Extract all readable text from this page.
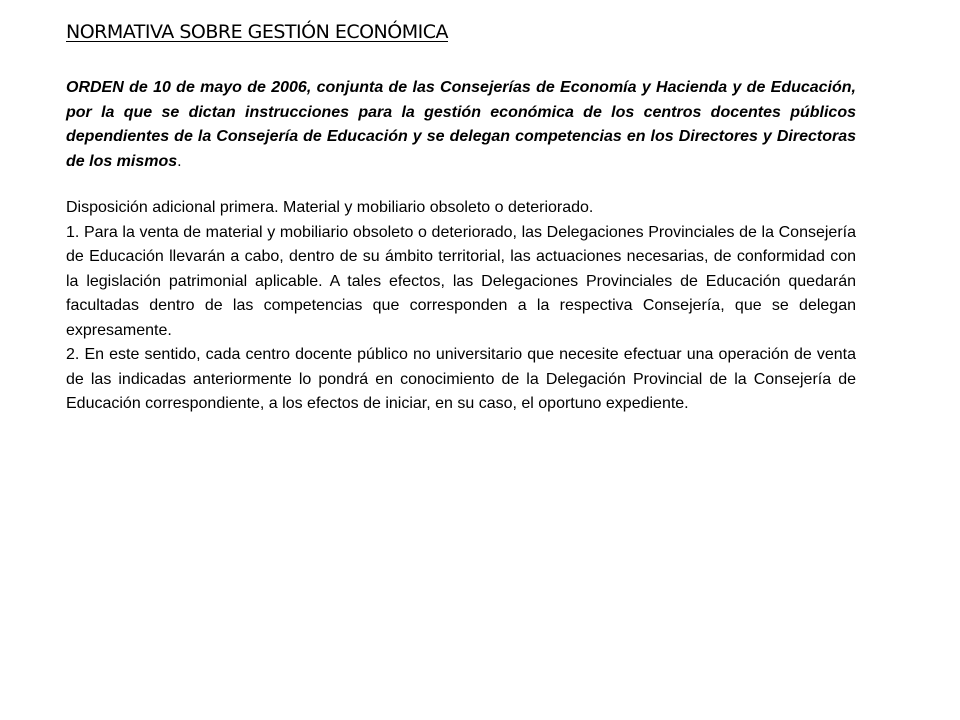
NORMATIVA SOBRE GESTIÓN ECONÓMICA

ORDEN de 10 de mayo de 2006, conjunta de las Consejerías de Economía y Hacienda y de Educación, por la que se dictan instrucciones para la gestión económica de los centros docentes públicos dependientes de la Consejería de Educación y se delegan competencias en los Directores y Directoras de los mismos.

Disposición adicional primera. Material y mobiliario obsoleto o deteriorado.

1. Para la venta de material y mobiliario obsoleto o deteriorado, las Delegaciones Provinciales de la Consejería de Educación llevarán a cabo, dentro de su ámbito territorial, las actuaciones necesarias, de conformidad con la legislación patrimonial aplicable. A tales efectos, las Delegaciones Provinciales de Educación quedarán facultadas dentro de las competencias que corresponden a la respectiva Consejería, que se delegan expresamente.

2. En este sentido, cada centro docente público no universitario que necesite efectuar una operación de venta de las indicadas anteriormente lo pondrá en conocimiento de la Delegación Provincial de la Consejería de Educación correspondiente, a los efectos de iniciar, en su caso, el oportuno expediente.
